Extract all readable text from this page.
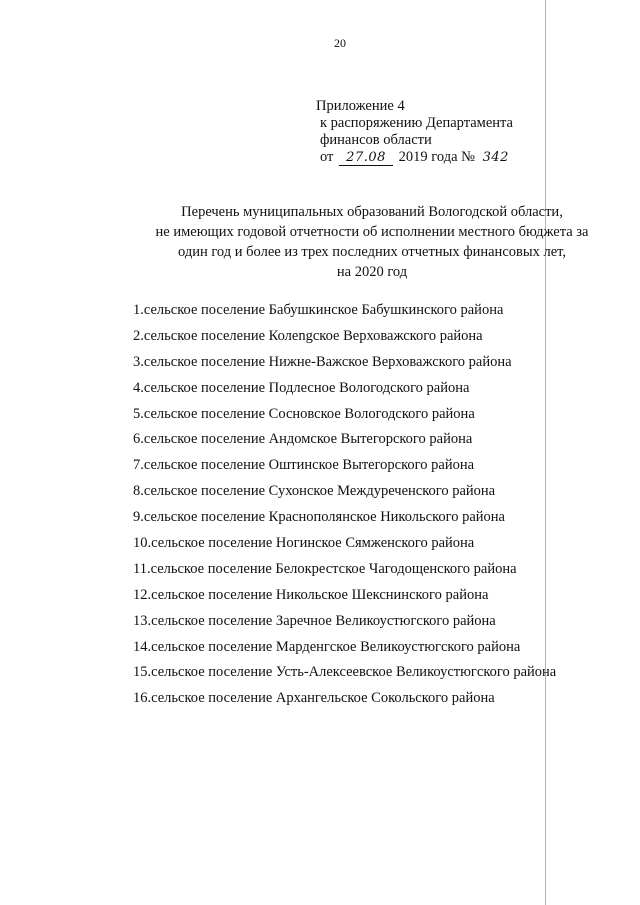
20
Приложение 4
к распоряжению Департамента
финансов области
от 27.08 2019 года № 342
Перечень муниципальных образований Вологодской области,
не имеющих годовой отчетности об исполнении местного бюджета за
один год и более из трех последних отчетных финансовых лет,
на 2020 год
1.сельское поселение Бабушкинское Бабушкинского района
2.сельское поселение Колengское Верховажского района
3.сельское поселение Нижне-Важское Верховажского района
4.сельское поселение Подлесное Вологодского района
5.сельское поселение Сосновское Вологодского района
6.сельское поселение Андомское Вытегорского района
7.сельское поселение Оштинское Вытегорского района
8.сельское поселение Сухонское Междуреченского района
9.сельское поселение Краснополянское Никольского района
10.сельское поселение Ногинское Сямженского района
11.сельское поселение Белокрестское Чагодощенского района
12.сельское поселение Никольское Шекснинского района
13.сельское поселение Заречное Великоустюгского района
14.сельское поселение Марденгское Великоустюгского района
15.сельское поселение Усть-Алексеевское Великоустюгского района
16.сельское поселение Архангельское Сокольского района
